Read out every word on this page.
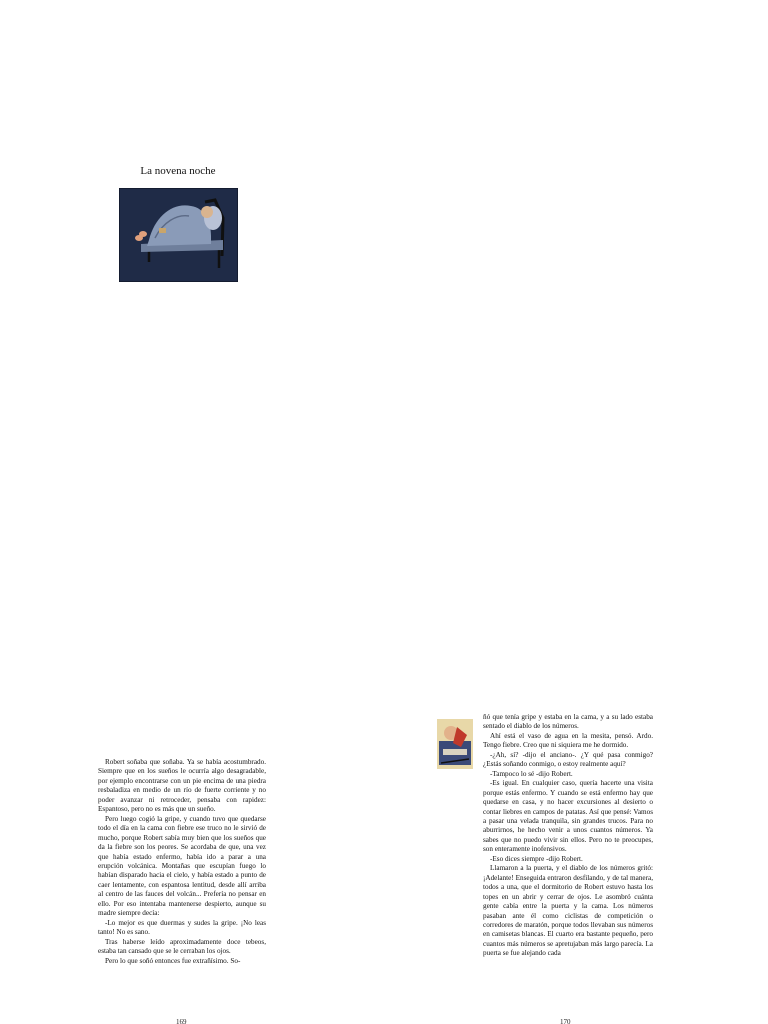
La novena noche

Robert soñaba que soñaba. Ya se había acostumbrado. Siempre que en los sueños le ocurría algo desagradable, por ejemplo encontrarse con un pie encima de una piedra resbaladiza en medio de un río de fuerte corriente y no poder avanzar ni retroceder, pensaba con rapidez: Espantoso, pero no es más que un sueño.

Pero luego cogió la gripe, y cuando tuvo que quedarse todo el día en la cama con fiebre ese truco no le sirvió de mucho, porque Robert sabía muy bien que los sueños que da la fiebre son los peores. Se acordaba de que, una vez que había estado enfermo, había ido a parar a una erupción volcánica. Montañas que escupían fuego lo habían disparado hacia el cielo, y había estado a punto de caer lentamente, con espantosa lentitud, desde allí arriba al centro de las fauces del volcán... Prefería no pensar en ello. Por eso intentaba mantenerse despierto, aunque su madre siempre decía:

-Lo mejor es que duermas y sudes la gripe. ¡No leas tanto! No es sano.

Tras haberse leído aproximadamente doce tebeos, estaba tan cansado que se le cerraban los ojos.

Pero lo que soñó entonces fue extrañísimo. So-

ñó que tenía gripe y estaba en la cama, y a su lado estaba sentado el diablo de los números.

Ahí está el vaso de agua en la mesita, pensó. Ardo. Tengo fiebre. Creo que ni siquiera me he dormido.

-¿Ah, sí? -dijo el anciano-. ¿Y qué pasa conmigo? ¿Estás soñando conmigo, o estoy realmente aquí?

-Tampoco lo sé -dijo Robert.

-Es igual. En cualquier caso, quería hacerte una visita porque estás enfermo. Y cuando se está enfermo hay que quedarse en casa, y no hacer excursiones al desierto o contar liebres en campos de patatas. Así que pensé: Vamos a pasar una velada tranquila, sin grandes trucos. Para no aburrirnos, he hecho venir a unos cuantos números. Ya sabes que no puedo vivir sin ellos. Pero no te preocupes, son enteramente inofensivos.

-Eso dices siempre -dijo Robert.

Llamaron a la puerta, y el diablo de los números gritó: ¡Adelante! Enseguida entraron desfilando, y de tal manera, todos a una, que el dormitorio de Robert estuvo hasta los topes en un abrir y cerrar de ojos. Le asombró cuánta gente cabía entre la puerta y la cama. Los números pasaban ante él como ciclistas de competición o corredores de maratón, porque todos llevaban sus números en camisetas blancas. El cuarto era bastante pequeño, pero cuantos más números se apretujaban más largo parecía. La puerta se fue alejando cada

169	170
